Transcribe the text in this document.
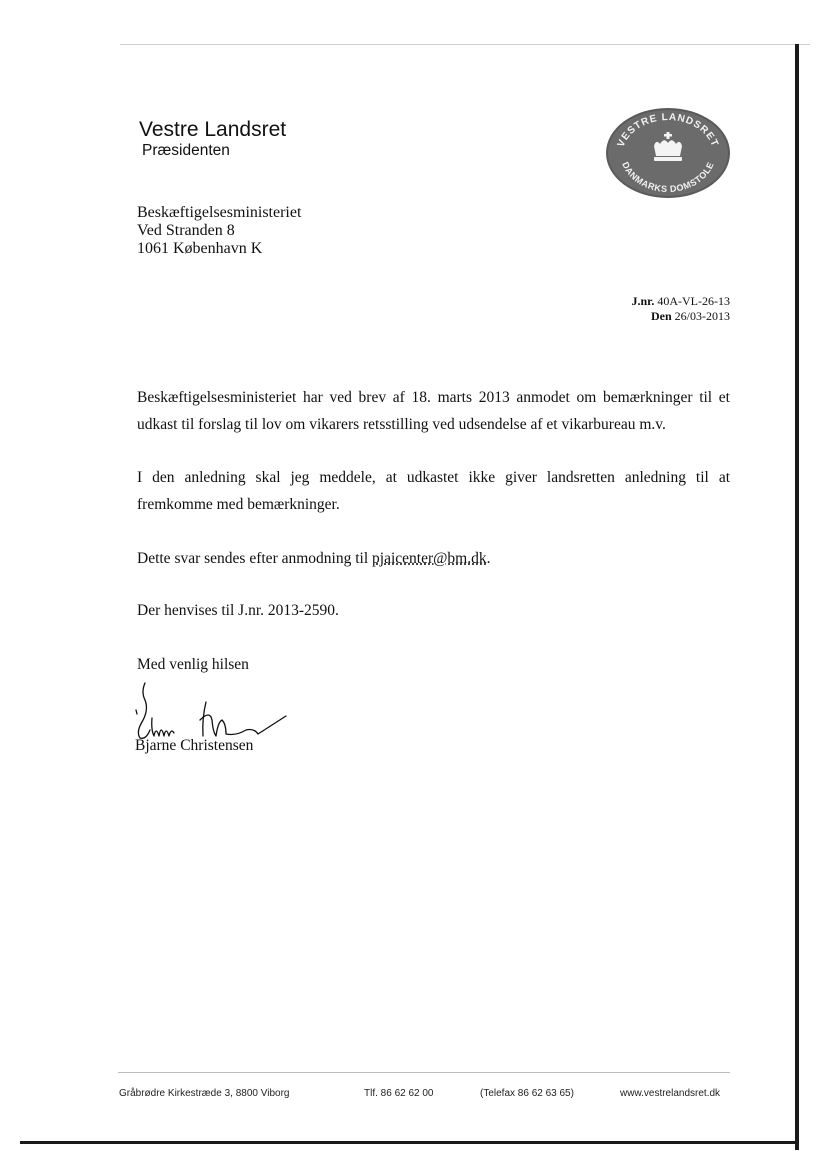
Vestre Landsret
Præsidenten	VESTRE LANDSRET
DANMARKS DOMSTOLE
Beskæftigelsesministeriet
Ved Stranden 8
1061 København K
J.nr. 40A-VL-26-13
Den 26/03-2013

Beskæftigelsesministeriet har ved brev af 18. marts 2013 anmodet om bemærkninger til et udkast til forslag til lov om vikarers retsstilling ved udsendelse af et vikarbureau m.v.

I den anledning skal jeg meddele, at udkastet ikke giver landsretten anledning til at fremkomme med bemærkninger.

Dette svar sendes efter anmodning til pjaicenter@bm.dk.

Der henvises til J.nr. 2013-2590.

Med venlig hilsen

Bjarne Christensen
Gråbrødre Kirkestræde 3, 8800 Viborg	Tlf. 86 62 62 00	(Telefax 86 62 63 65)	www.vestrelandsret.dk
